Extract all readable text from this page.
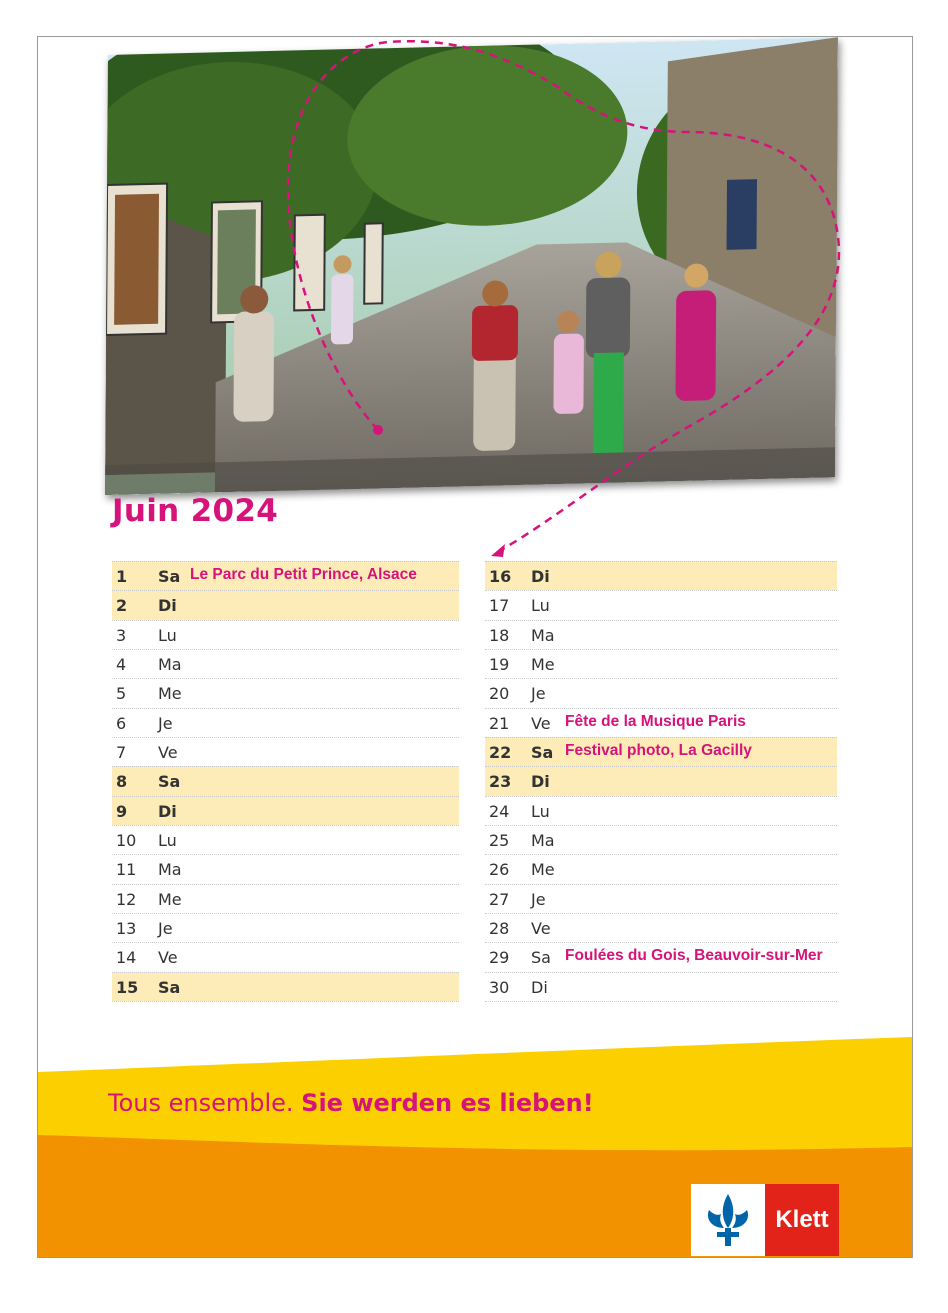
Juin 2024
1 Sa Le Parc du Petit Prince, Alsace
2 Di
3 Lu
4 Ma
5 Me
6 Je
7 Ve
8 Sa
9 Di
10 Lu
11 Ma
12 Me
13 Je
14 Ve
15 Sa
16 Di
17 Lu
18 Ma
19 Me
20 Je
21 Ve Fête de la Musique Paris
22 Sa Festival photo, La Gacilly
23 Di
24 Lu
25 Ma
26 Me
27 Je
28 Ve
29 Sa Foulées du Gois, Beauvoir-sur-Mer
30 Di
Tous ensemble. Sie werden es lieben!
Klett
